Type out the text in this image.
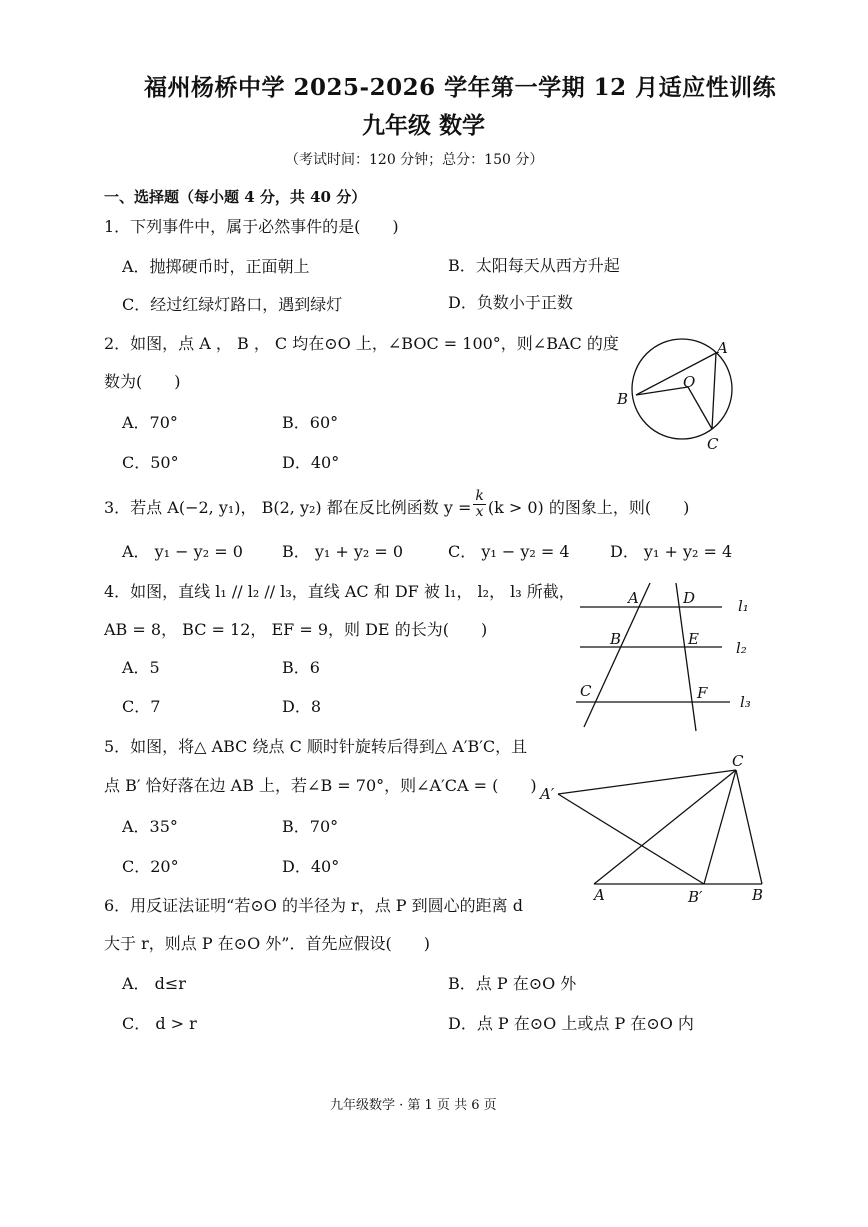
福州杨桥中学 2025-2026 学年第一学期 12 月适应性训练
九年级 数学
（考试时间：120 分钟；总分：150 分）
一、选择题（每小题 4 分，共 40 分）
1．下列事件中，属于必然事件的是(　　)
A．抛掷硬币时，正面朝上	B．太阳每天从西方升起
C．经过红绿灯路口，遇到绿灯	D．负数小于正数
2．如图，点 A ， B ， C 均在⊙O 上，∠BOC = 100°，则∠BAC 的度
数为(　　)
A．70°	B．60°
C．50°	D．40°
A
B
C
O
3．若点 A(−2, y₁)， B(2, y₂) 都在反比例函数 $y = \frac{k}{x} (k > 0)$ 的图象上，则(　　)
A． y₁ − y₂ = 0 B． y₁ + y₂ = 0	C． y₁ − y₂ = 4	D． y₁ + y₂ = 4
4．如图，直线 l₁ // l₂ // l₃，直线 AC 和 DF 被 l₁， l₂， l₃ 所截，
AB = 8， BC = 12， EF = 9，则 DE 的长为(　　)
A．5	B．6
C．7	D．8
A	D
B	E
C	F
l₁
l₂
l₃
5．如图，将△ ABC 绕点 C 顺时针旋转后得到△ A′B′C，且
点 B′ 恰好落在边 AB 上，若∠B = 70°，则∠A′CA = (　　)
A．35°	B．70°
C．20°	D．40°
A′
C
A	B′	B
6．用反证法证明“若⊙O 的半径为 r，点 P 到圆心的距离 d
大于 r，则点 P 在⊙O 外”．首先应假设(　　)
A． d≤r	B．点 P 在⊙O 外
C． d > r	D．点 P 在⊙O 上或点 P 在⊙O 内
九年级数学 · 第 1 页 共 6 页
